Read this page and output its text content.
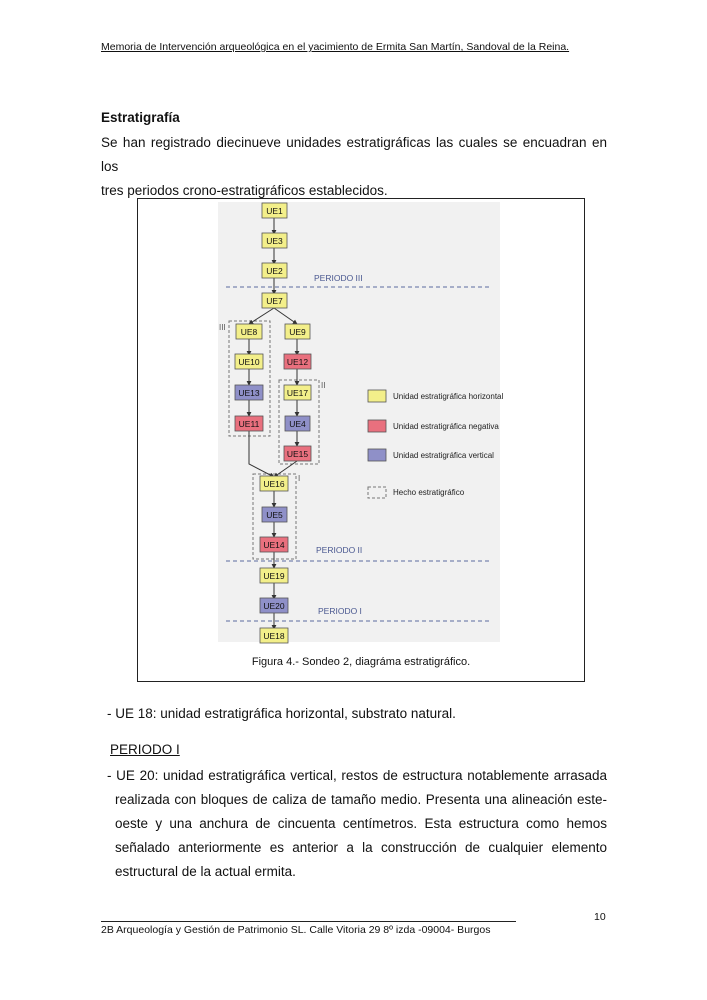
Memoria de Intervención arqueológica en el yacimiento de Ermita San Martín, Sandoval de la Reina.
Estratigrafía
Se han registrado diecinueve unidades estratigráficas las cuales se encuadran en los
tres periodos crono-estratigráficos establecidos.
UE1
UE3
UE2
UE7
UE8	UE9
UE10	UE12
UE13	UE17
UE11	UE4
UE15
UE16
UE5
UE14
UE19
UE20
UE18
III
II
I
PERIODO III
PERIODO II
PERIODO I
Unidad estratigráfica horizontal
Unidad estratigráfica negativa
Unidad estratigráfica vertical
Hecho estratigráfico
Figura 4.- Sondeo 2, diagráma estratigráfico.
- UE 18: unidad estratigráfica horizontal, substrato natural.
PERIODO I
- UE 20: unidad estratigráfica vertical, restos de estructura notablemente arrasada
realizada con bloques de caliza de tamaño medio. Presenta una alineación este-
oeste y una anchura de cincuenta centímetros. Esta estructura como hemos
señalado anteriormente es anterior a la construcción de cualquier elemento
estructural de la actual ermita.
10
2B Arqueología y Gestión de Patrimonio SL. Calle Vitoria 29 8º izda -09004- Burgos
